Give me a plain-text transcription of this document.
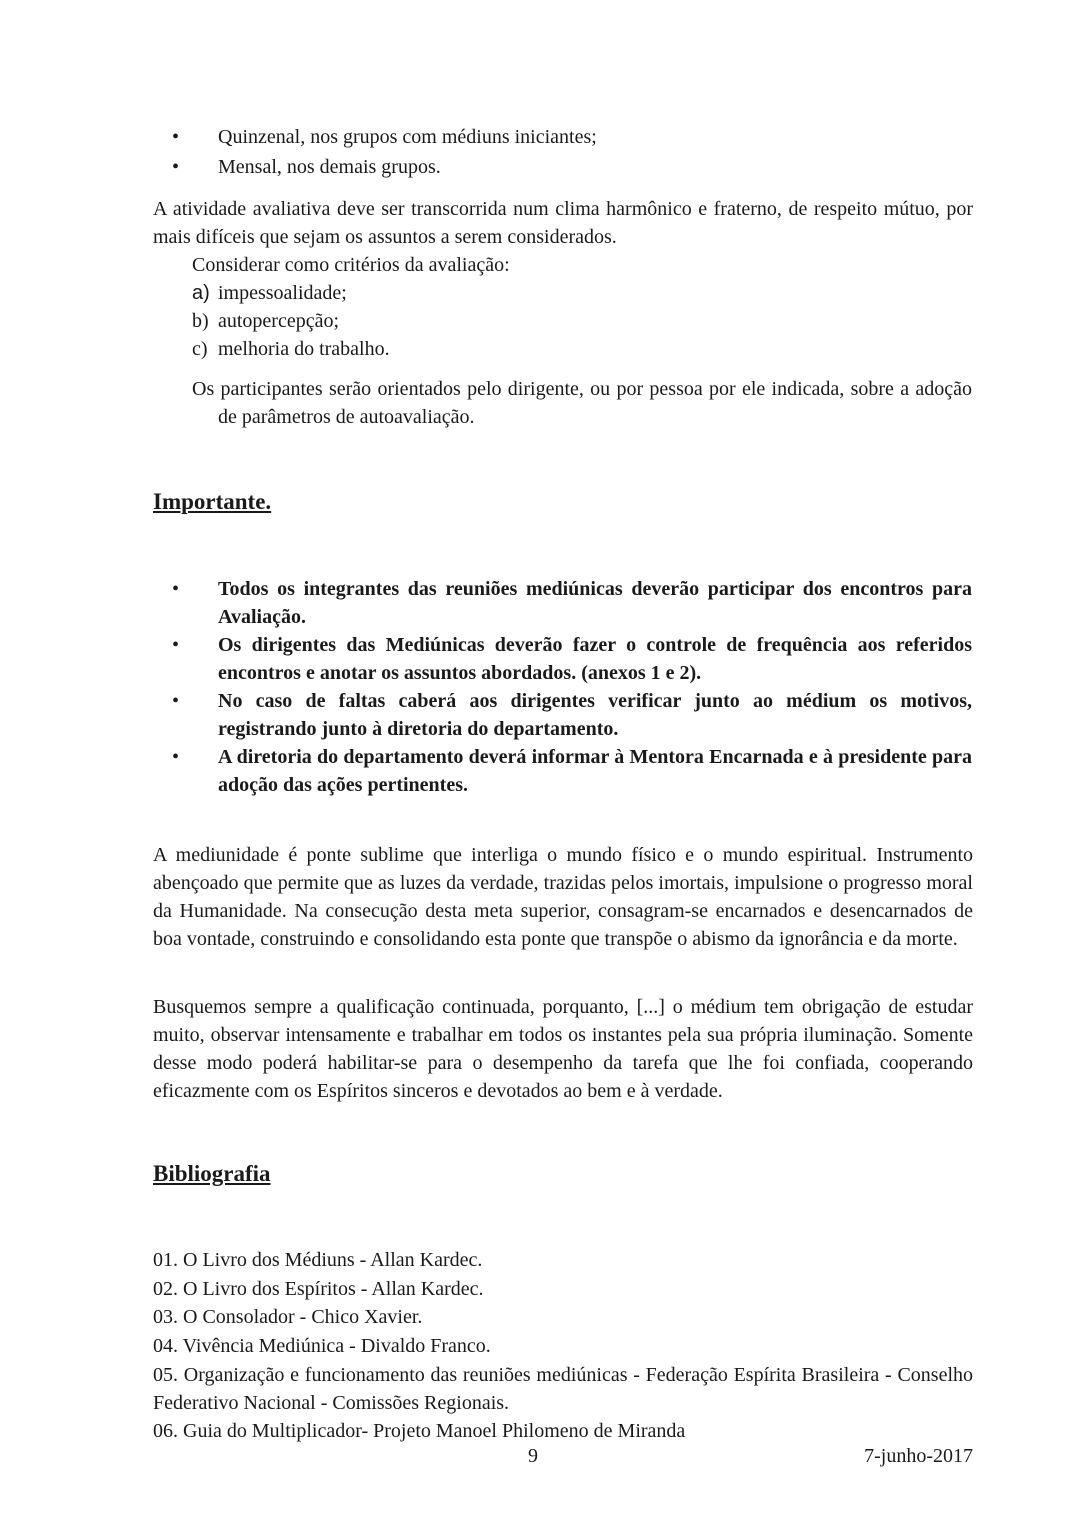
• Quinzenal, nos grupos com médiuns iniciantes;
• Mensal, nos demais grupos.
A atividade avaliativa deve ser transcorrida num clima harmônico e fraterno, de respeito mútuo, por mais difíceis que sejam os assuntos a serem considerados.
Considerar como critérios da avaliação:
a) impessoalidade;
b) autopercepção;
c) melhoria do trabalho.
Os participantes serão orientados pelo dirigente, ou por pessoa por ele indicada, sobre a adoção de parâmetros de autoavaliação.
Importante.
• Todos os integrantes das reuniões mediúnicas deverão participar dos encontros para Avaliação.
• Os dirigentes das Mediúnicas deverão fazer o controle de frequência aos referidos encontros e anotar os assuntos abordados. (anexos 1 e 2).
• No caso de faltas caberá aos dirigentes verificar junto ao médium os motivos, registrando junto à diretoria do departamento.
• A diretoria do departamento deverá informar à Mentora Encarnada e à presidente para adoção das ações pertinentes.
A mediunidade é ponte sublime que interliga o mundo físico e o mundo espiritual. Instrumento abençoado que permite que as luzes da verdade, trazidas pelos imortais, impulsione o progresso moral da Humanidade. Na consecução desta meta superior, consagram-se encarnados e desencarnados de boa vontade, construindo e consolidando esta ponte que transpõe o abismo da ignorância e da morte.
Busquemos sempre a qualificação continuada, porquanto, [...] o médium tem obrigação de estudar muito, observar intensamente e trabalhar em todos os instantes pela sua própria iluminação. Somente desse modo poderá habilitar-se para o desempenho da tarefa que lhe foi confiada, cooperando eficazmente com os Espíritos sinceros e devotados ao bem e à verdade.
Bibliografia
01. O Livro dos Médiuns - Allan Kardec.
02. O Livro dos Espíritos - Allan Kardec.
03. O Consolador - Chico Xavier.
04. Vivência Mediúnica - Divaldo Franco.
05. Organização e funcionamento das reuniões mediúnicas - Federação Espírita Brasileira - Conselho Federativo Nacional - Comissões Regionais.
06. Guia do Multiplicador- Projeto Manoel Philomeno de Miranda
9	7-junho-2017
